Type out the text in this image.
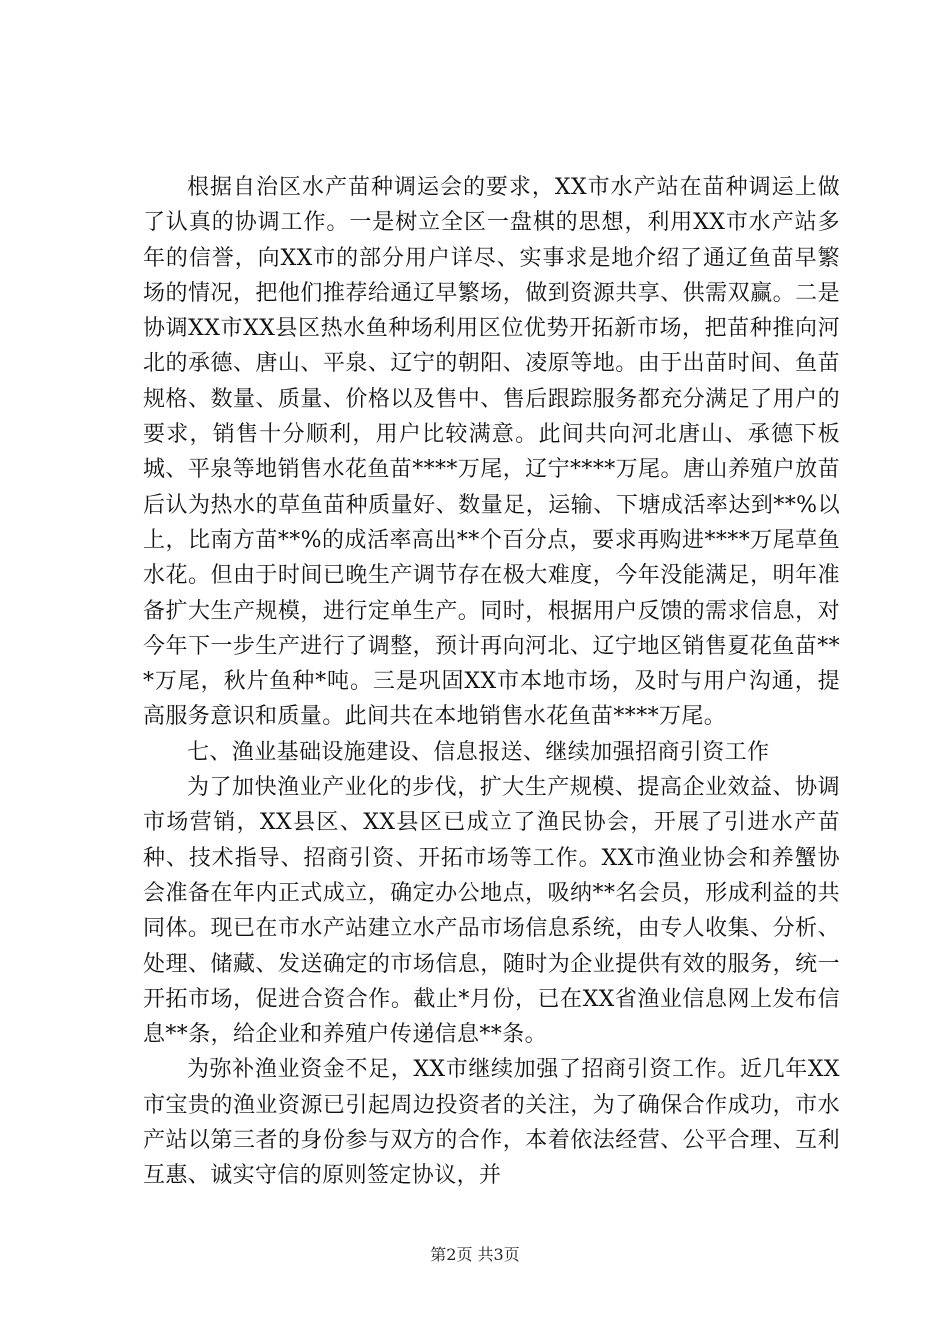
根据自治区水产苗种调运会的要求，XX市水产站在苗种调运上做了认真的协调工作。一是树立全区一盘棋的思想，利用XX市水产站多年的信誉，向XX市的部分用户详尽、实事求是地介绍了通辽鱼苗早繁场的情况，把他们推荐给通辽早繁场，做到资源共享、供需双赢。二是协调XX市XX县区热水鱼种场利用区位优势开拓新市场，把苗种推向河北的承德、唐山、平泉、辽宁的朝阳、凌原等地。由于出苗时间、鱼苗规格、数量、质量、价格以及售中、售后跟踪服务都充分满足了用户的要求，销售十分顺利，用户比较满意。此间共向河北唐山、承德下板城、平泉等地销售水花鱼苗****万尾，辽宁****万尾。唐山养殖户放苗后认为热水的草鱼苗种质量好、数量足，运输、下塘成活率达到**%以上，比南方苗**%的成活率高出**个百分点，要求再购进****万尾草鱼水花。但由于时间已晚生产调节存在极大难度，今年没能满足，明年准备扩大生产规模，进行定单生产。同时，根据用户反馈的需求信息，对今年下一步生产进行了调整，预计再向河北、辽宁地区销售夏花鱼苗***万尾，秋片鱼种*吨。三是巩固XX市本地市场，及时与用户沟通，提高服务意识和质量。此间共在本地销售水花鱼苗****万尾。

七、渔业基础设施建设、信息报送、继续加强招商引资工作

为了加快渔业产业化的步伐，扩大生产规模、提高企业效益、协调市场营销，XX县区、XX县区已成立了渔民协会，开展了引进水产苗种、技术指导、招商引资、开拓市场等工作。XX市渔业协会和养蟹协会准备在年内正式成立，确定办公地点，吸纳**名会员，形成利益的共同体。现已在市水产站建立水产品市场信息系统，由专人收集、分析、处理、储藏、发送确定的市场信息，随时为企业提供有效的服务，统一开拓市场，促进合资合作。截止*月份，已在XX省渔业信息网上发布信息**条，给企业和养殖户传递信息**条。

为弥补渔业资金不足，XX市继续加强了招商引资工作。近几年XX市宝贵的渔业资源已引起周边投资者的关注，为了确保合作成功，市水产站以第三者的身份参与双方的合作，本着依法经营、公平合理、互利互惠、诚实守信的原则签定协议，并

第2页 共3页
